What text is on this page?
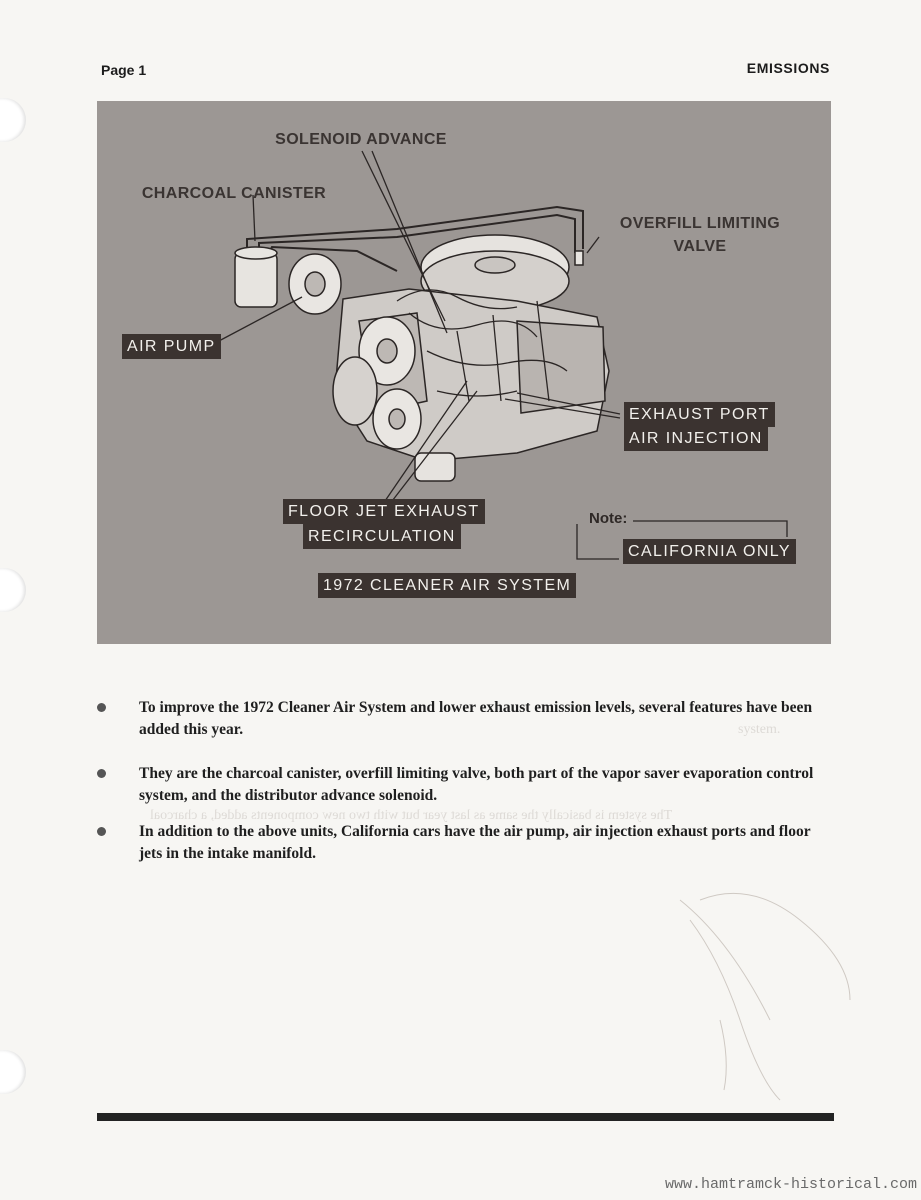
Page 1	EMISSIONS
SOLENOID ADVANCE
CHARCOAL CANISTER
OVERFILL LIMITING
VALVE
AIR PUMP
EXHAUST PORT
AIR INJECTION
FLOOR JET EXHAUST
RECIRCULATION
Note:
CALIFORNIA ONLY
1972 CLEANER AIR SYSTEM
system.
The system is basically the same as last year but with two new components added, a charcoal
To improve the 1972 Cleaner Air System and lower exhaust emission levels, several features have been added this year.
They are the charcoal canister, overfill limiting valve, both part of the vapor saver evaporation control system, and the distributor advance solenoid.
In addition to the above units, California cars have the air pump, air injection exhaust ports and floor jets in the intake manifold.
www.hamtramck-historical.com
